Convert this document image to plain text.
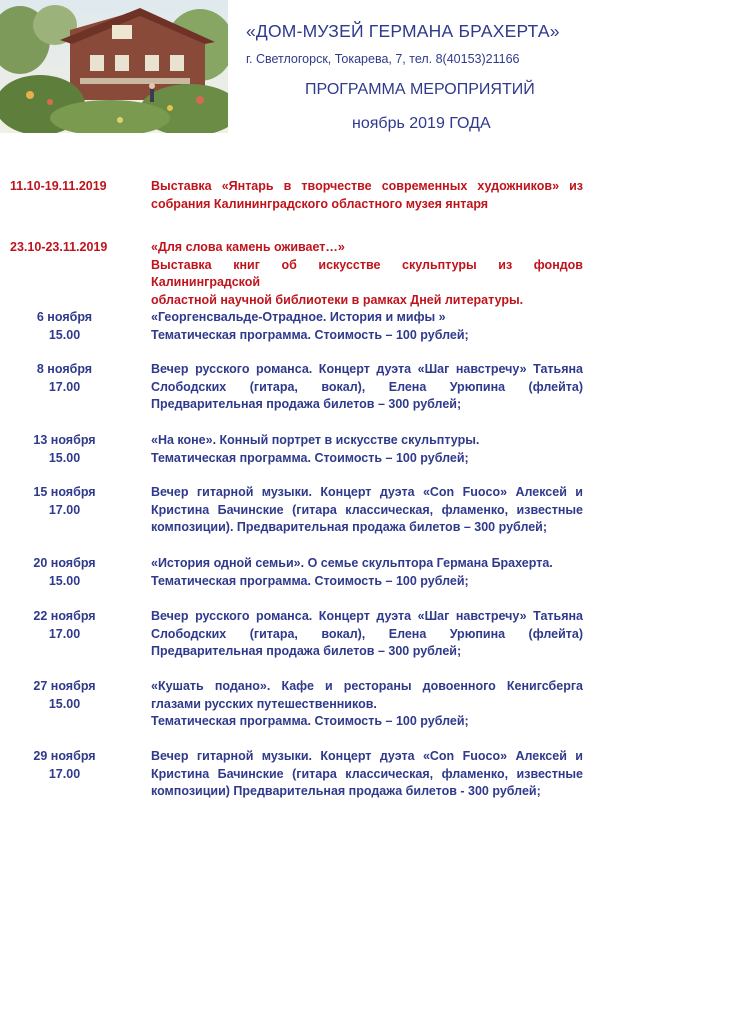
«ДОМ-МУЗЕЙ ГЕРМАНА БРАХЕРТА»
г. Светлогорск, Токарева, 7, тел. 8(40153)21166
ПРОГРАММА МЕРОПРИЯТИЙ
ноябрь 2019 ГОДА
11.10-19.11.2019	Выставка «Янтарь в творчестве современных художников» из
собрания Калининградского областного музея янтаря
23.10-23.11.2019	«Для слова камень оживает…»
Выставка книг об искусстве скульптуры из фондов Калининградской
областной научной библиотеки в рамках Дней литературы.
6 ноября
15.00
«Георгенсвальде-Отрадное. История и мифы »
Тематическая программа. Стоимость – 100 рублей;
8 ноября
17.00
Вечер русского романса. Концерт дуэта «Шаг навстречу» Татьяна
Слободских (гитара, вокал), Елена Урюпина (флейта)
Предварительная продажа билетов – 300 рублей;
13 ноября
15.00
«На коне». Конный портрет в искусстве скульптуры.
Тематическая программа. Стоимость – 100 рублей;
15 ноября
17.00
Вечер гитарной музыки. Концерт дуэта «Con Fuoco» Алексей и
Кристина Бачинские (гитара классическая, фламенко, известные
композиции). Предварительная продажа билетов – 300 рублей;
20 ноября
15.00
«История одной семьи». О семье скульптора Германа Брахерта.
Тематическая программа. Стоимость – 100 рублей;
22 ноября
17.00
Вечер русского романса. Концерт дуэта «Шаг навстречу» Татьяна
Слободских (гитара, вокал), Елена Урюпина (флейта)
Предварительная продажа билетов – 300 рублей;
27 ноября
15.00
«Кушать подано». Кафе и рестораны довоенного Кенигсберга
глазами русских путешественников.
Тематическая программа. Стоимость – 100 рублей;
29 ноября
17.00
Вечер гитарной музыки. Концерт дуэта «Con Fuoco» Алексей и
Кристина Бачинские (гитара классическая, фламенко, известные
композиции) Предварительная продажа билетов - 300 рублей;
